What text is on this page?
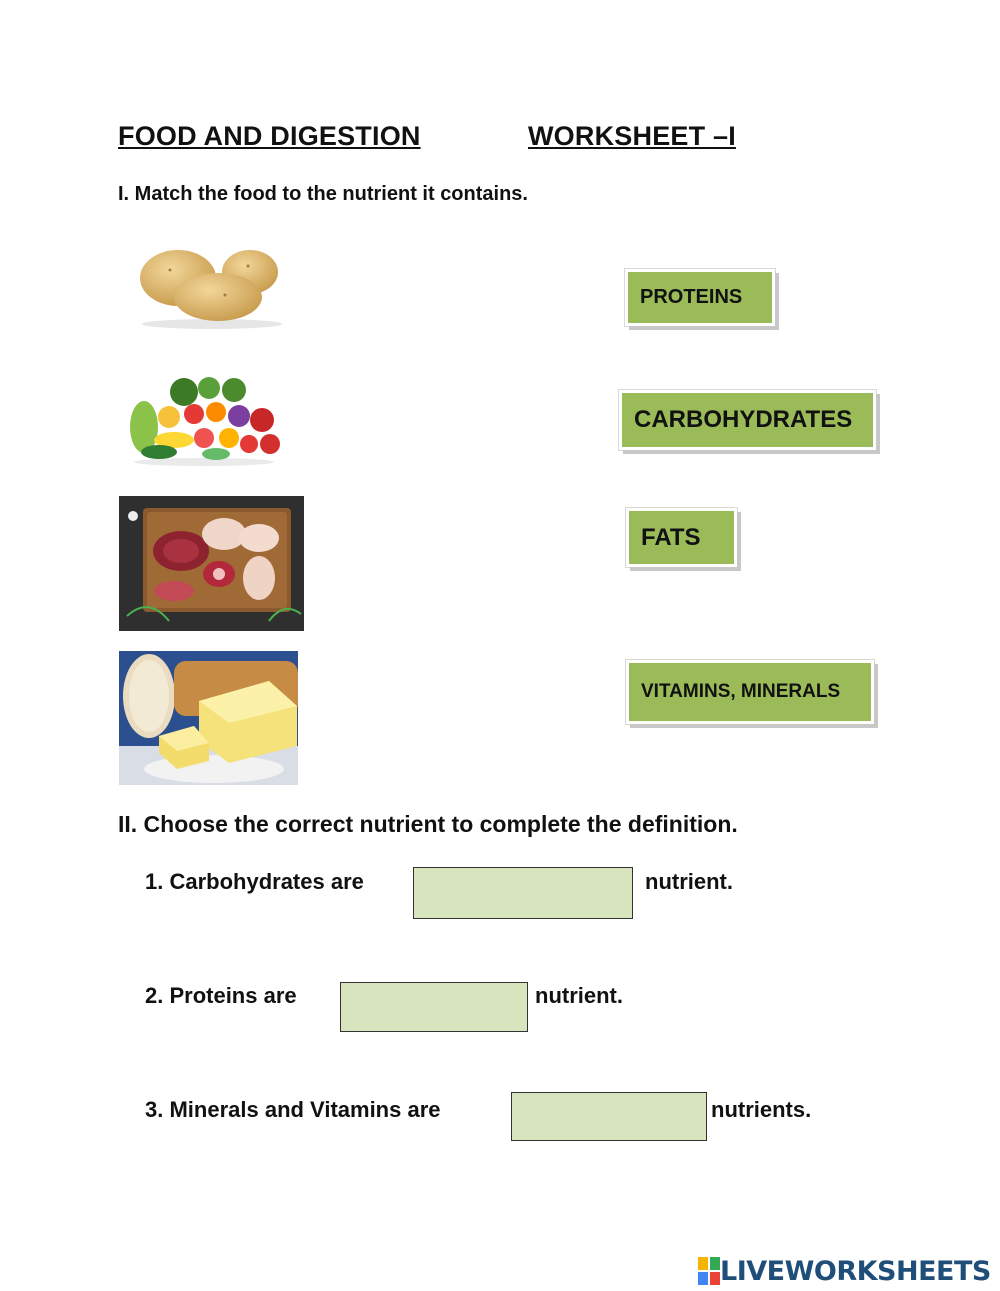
FOOD AND DIGESTION	WORKSHEET –I
I. Match the food to the nutrient it contains.
PROTEINS
CARBOHYDRATES
FATS
VITAMINS, MINERALS
II. Choose the correct nutrient to complete the definition.
1. Carbohydrates are	nutrient.
2. Proteins are	nutrient.
3. Minerals and Vitamins are	nutrients.
LIVEWORKSHEETS
